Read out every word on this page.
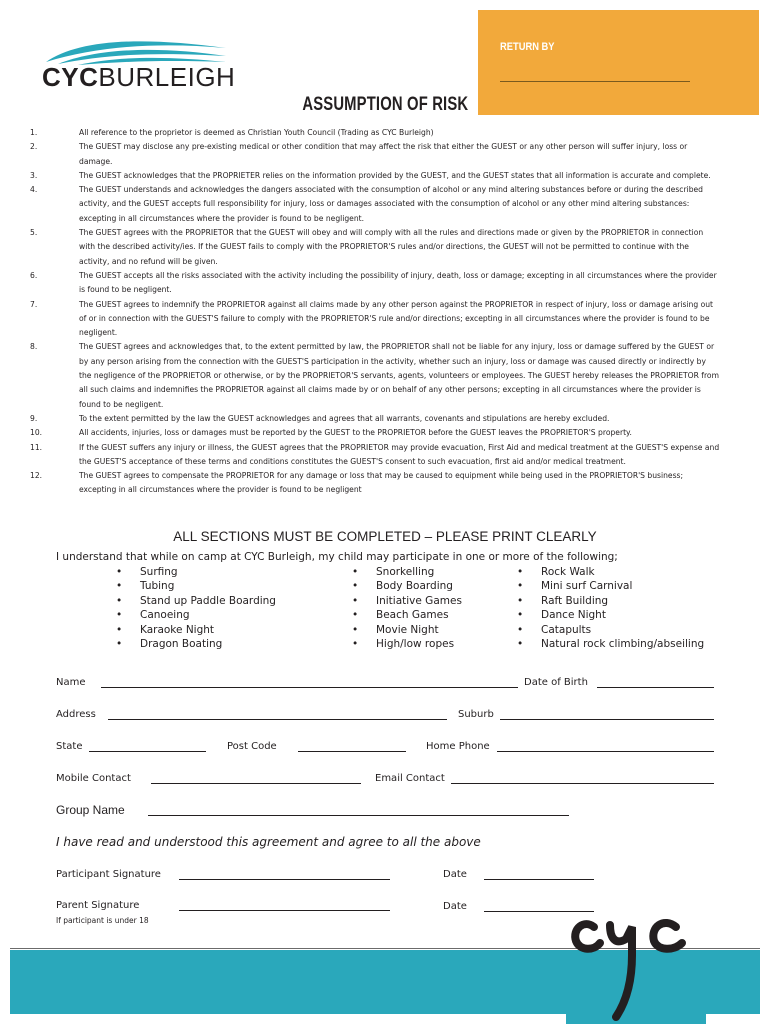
CYCBURLEIGH
RETURN BY
ASSUMPTION OF RISK
1.	All reference to the proprietor is deemed as Christian Youth Council (Trading as CYC Burleigh)
2.	The GUEST may disclose any pre-existing medical or other condition that may affect the risk that either the GUEST or any other person will suffer injury, loss or damage.
3.	The GUEST acknowledges that the PROPRIETER relies on the information provided by the GUEST, and the GUEST states that all information is accurate and complete.
4.	The GUEST understands and acknowledges the dangers associated with the consumption of alcohol or any mind altering substances before or during the described activity, and the GUEST accepts full responsibility for injury, loss or damages associated with the consumption of alcohol or any other mind altering substances: excepting in all circumstances where the provider is found to be negligent.
5.	The GUEST agrees with the PROPRIETOR that the GUEST will obey and will comply with all the rules and directions made or given by the PROPRIETOR in connection with the described activity/ies. If the GUEST fails to comply with the PROPRIETOR'S rules and/or directions, the GUEST will not be permitted to continue with the activity, and no refund will be given.
6.	The GUEST accepts all the risks associated with the activity including the possibility of injury, death, loss or damage; excepting in all circumstances where the provider is found to be negligent.
7.	The GUEST agrees to indemnify the PROPRIETOR against all claims made by any other person against the PROPRIETOR in respect of injury, loss or damage arising out of or in connection with the GUEST'S failure to comply with the PROPRIETOR'S rule and/or directions; excepting in all circumstances where the provider is found to be negligent.
8.	The GUEST agrees and acknowledges that, to the extent permitted by law, the PROPRIETOR shall not be liable for any injury, loss or damage suffered by the GUEST or by any person arising from the connection with the GUEST'S participation in the activity, whether such an injury, loss or damage was caused directly or indirectly by the negligence of the PROPRIETOR or otherwise, or by the PROPRIETOR'S servants, agents, volunteers or employees. The GUEST hereby releases the PROPRIETOR from all such claims and indemnifies the PROPRIETOR against all claims made by or on behalf of any other persons; excepting in all circumstances where the provider is found to be negligent.
9.	To the extent permitted by the law the GUEST acknowledges and agrees that all warrants, covenants and stipulations are hereby excluded.
10.	All accidents, injuries, loss or damages must be reported by the GUEST to the PROPRIETOR before the GUEST leaves the PROPRIETOR'S property.
11.	If the GUEST suffers any injury or illness, the GUEST agrees that the PROPRIETOR may provide evacuation, First Aid and medical treatment at the GUEST'S expense and the GUEST'S acceptance of these terms and conditions constitutes the GUEST'S consent to such evacuation, first aid and/or medical treatment.
12.	The GUEST agrees to compensate the PROPRIETOR for any damage or loss that may be caused to equipment while being used in the PROPRIETOR'S business; excepting in all circumstances where the provider is found to be negligent
ALL SECTIONS MUST BE COMPLETED – PLEASE PRINT CLEARLY
I understand that while on camp at CYC Burleigh, my child may participate in one or more of the following;
• Surfing
• Tubing
• Stand up Paddle Boarding
• Canoeing
• Karaoke Night
• Dragon Boating
• Snorkelling
• Body Boarding
• Initiative Games
• Beach Games
• Movie Night
• High/low ropes
• Rock Walk
• Mini surf Carnival
• Raft Building
• Dance Night
• Catapults
• Natural rock climbing/abseiling
Name	Date of Birth
Address	Suburb
State	Post Code	Home Phone
Mobile Contact	Email Contact
Group Name
I have read and understood this agreement and agree to all the above
Participant Signature	Date
Parent Signature	Date
If participant is under 18
